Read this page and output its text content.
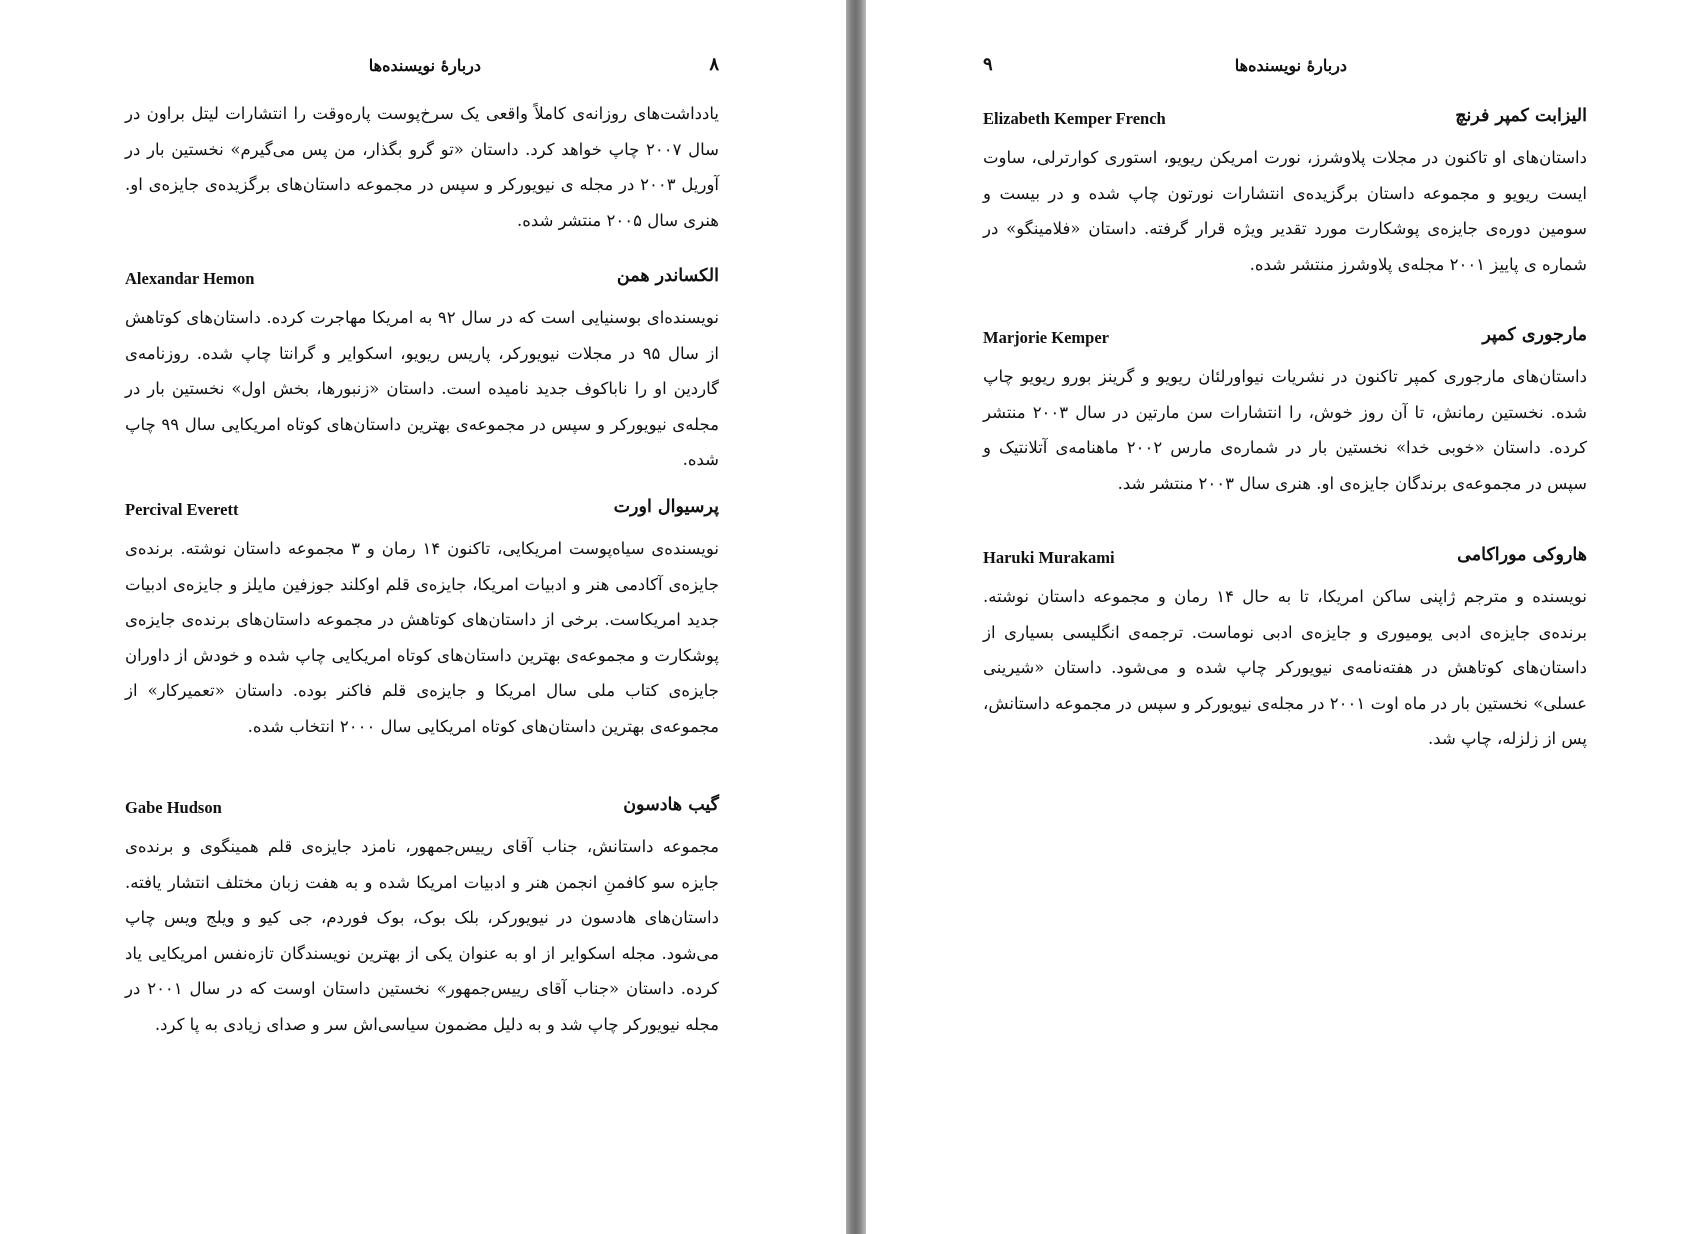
دربارهٔ نویسنده‌ها	۸

یادداشت‌های روزانه‌ی کاملاً واقعی یک سرخ‌پوست پاره‌وقت را انتشارات لیتل براون در سال ۲۰۰۷ چاپ خواهد کرد. داستان «تو گرو بگذار، من پس می‌گیرم» نخستین بار در آوریل ۲۰۰۳ در مجله ی نیویورکر و سپس در مجموعه داستان‌های برگزیده‌ی جایزه‌ی او. هنری سال ۲۰۰۵ منتشر شده.

الکساندر همن
Alexandar Hemon

نویسنده‌ای بوسنیایی است که در سال ۹۲ به امریکا مهاجرت کرده. داستان‌های کوتاهش از سال ۹۵ در مجلات نیویورکر، پاریس ریویو، اسکوایر و گرانتا چاپ شده. روزنامه‌ی گاردین او را ناباکوف جدید نامیده است. داستان «زنبورها، بخش اول» نخستین بار در مجله‌ی نیویورکر و سپس در مجموعه‌ی بهترین داستان‌های کوتاه امریکایی سال ۹۹ چاپ شده.

پرسیوال اورت
Percival Everett

نویسنده‌ی سیاه‌پوست امریکایی، تاکنون ۱۴ رمان و ۳ مجموعه داستان نوشته. برنده‌ی جایزه‌ی آکادمی هنر و ادبیات امریکا، جایزه‌ی قلم اوکلند جوزفین مایلز و جایزه‌ی ادبیات جدید امریکاست. برخی از داستان‌های کوتاهش در مجموعه داستان‌های برنده‌ی جایزه‌ی پوشکارت و مجموعه‌ی بهترین داستان‌های کوتاه امریکایی چاپ شده و خودش از داوران جایزه‌ی کتاب ملی سال امریکا و جایزه‌ی قلم فاکنر بوده. داستان «تعمیرکار» از مجموعه‌ی بهترین داستان‌های کوتاه امریکایی سال ۲۰۰۰ انتخاب شده.

گیب هادسون
Gabe Hudson

مجموعه داستانش، جناب آقای رییس‌جمهور، نامزد جایزه‌ی قلم همینگوی و برنده‌ی جایزه سو کافمنِ انجمن هنر و ادبیات امریکا شده و به هفت زبان مختلف انتشار یافته. داستان‌های هادسون در نیویورکر، بلک بوک، بوک فوردم، جی کیو و ویلج ویس چاپ می‌شود. مجله اسکوایر از او به عنوان یکی از بهترین نویسندگان تازه‌نفس امریکایی یاد کرده. داستان «جناب آقای رییس‌جمهور» نخستین داستان اوست که در سال ۲۰۰۱ در مجله نیویورکر چاپ شد و به دلیل مضمون سیاسی‌اش سر و صدای زیادی به پا کرد.

۹	دربارهٔ نویسنده‌ها
الیزابت کمپر فرنچ
Elizabeth Kemper French

داستان‌های او تاکنون در مجلات پلاوشرز، نورت امریکن ریویو، استوری کوارترلی، ساوت ایست ریویو و مجموعه داستان برگزیده‌ی انتشارات نورتون چاپ شده و در بیست و سومین دوره‌ی جایزه‌ی پوشکارت مورد تقدیر ویژه قرار گرفته. داستان «فلامینگو» در شماره ی پاییز ۲۰۰۱ مجله‌ی پلاوشرز منتشر شده.

مارجوری کمپر
Marjorie Kemper

داستان‌های مارجوری کمپر تاکنون در نشریات نیواورلئان ریویو و گرینز بورو ریویو چاپ شده. نخستین رمانش، تا آن روز خوش، را انتشارات سن مارتین در سال ۲۰۰۳ منتشر کرده. داستان «خوبی خدا» نخستین بار در شماره‌ی مارس ۲۰۰۲ ماهنامه‌ی آتلانتیک و سپس در مجموعه‌ی برندگان جایزه‌ی او. هنری سال ۲۰۰۳ منتشر شد.

هاروکی موراکامی
Haruki Murakami

نویسنده و مترجم ژاپنی ساکن امریکا، تا به حال ۱۴ رمان و مجموعه داستان نوشته. برنده‌ی جایزه‌ی ادبی یومیوری و جایزه‌ی ادبی نوماست. ترجمه‌ی انگلیسی بسیاری از داستان‌های کوتاهش در هفته‌نامه‌ی نیویورکر چاپ شده و می‌شود. داستان «شیرینی عسلی» نخستین بار در ماه اوت ۲۰۰۱ در مجله‌ی نیویورکر و سپس در مجموعه داستانش، پس از زلزله، چاپ شد.
